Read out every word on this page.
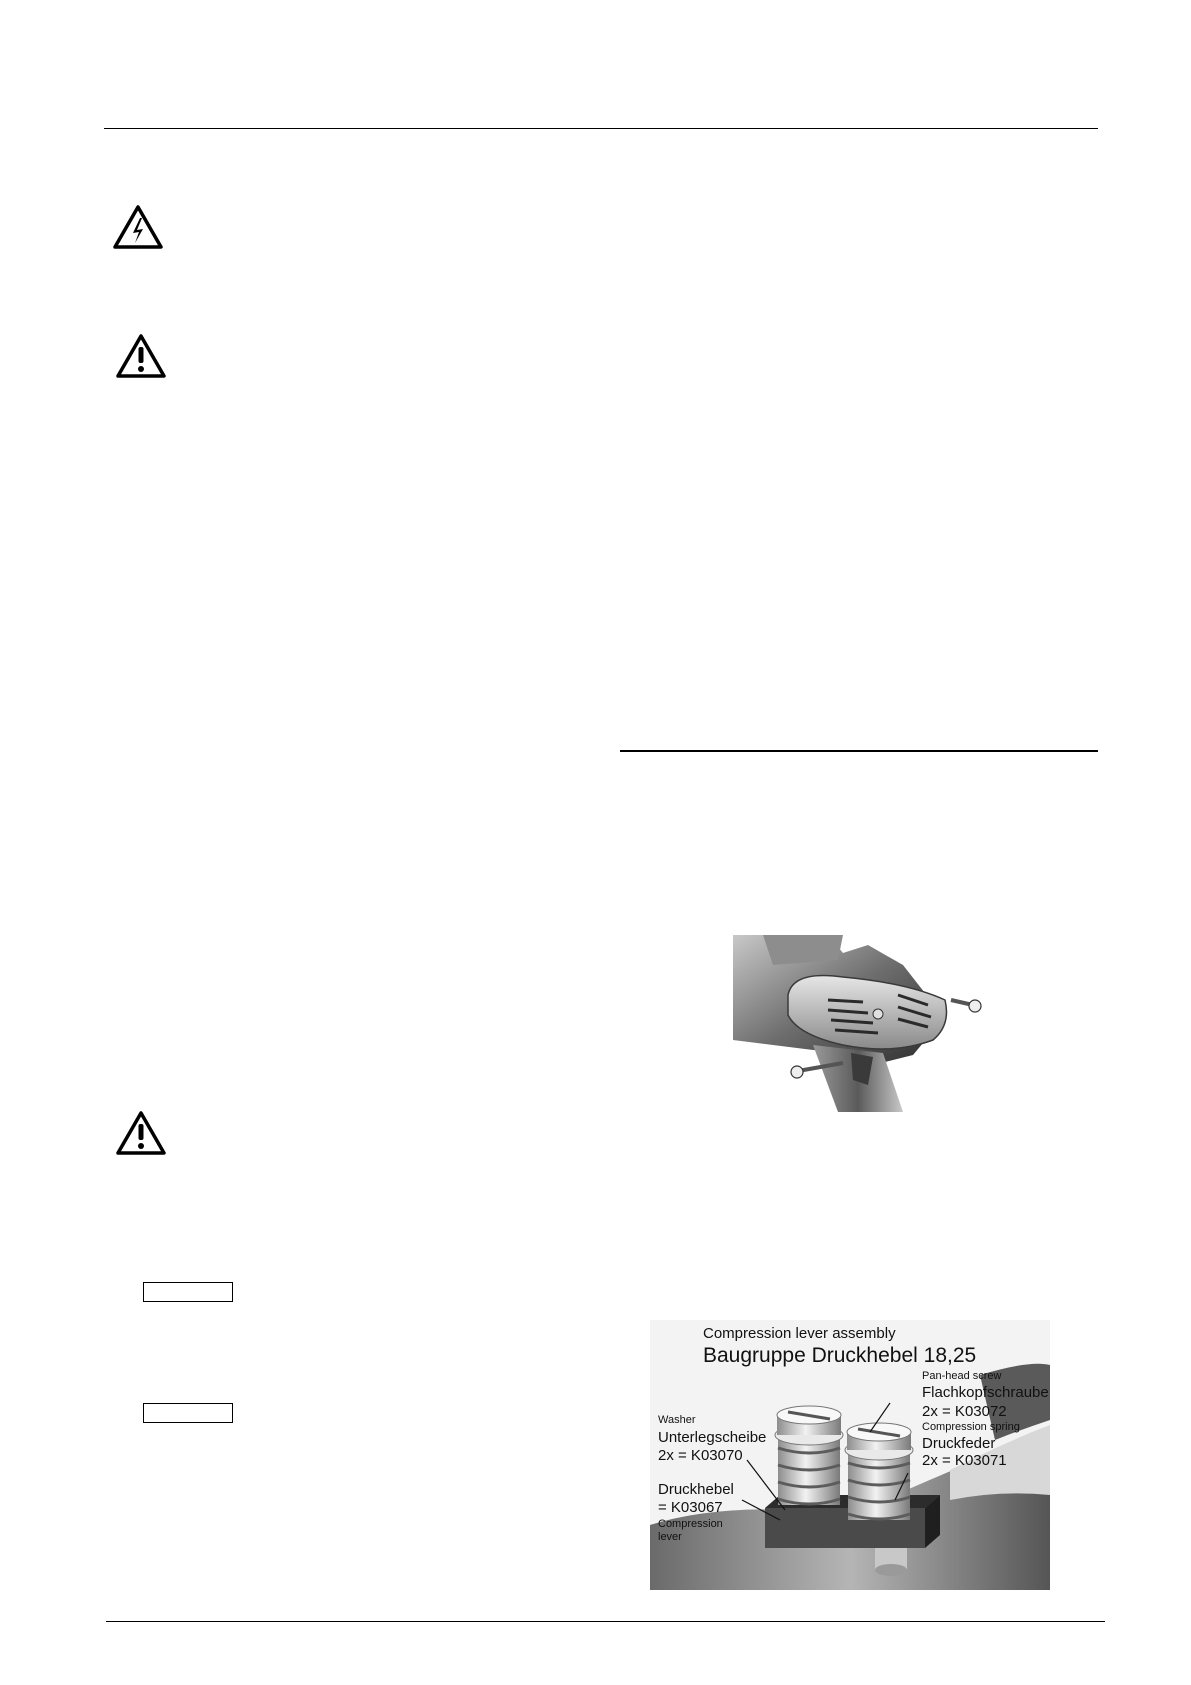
Compression lever assembly
Baugruppe Druckhebel 18,25
Pan-head screw
Flachkopfschraube
2x = K03072
Compression spring
Druckfeder
2x = K03071
Washer
Unterlegscheibe
2x = K03070
Druckhebel
= K03067
Compression
lever
